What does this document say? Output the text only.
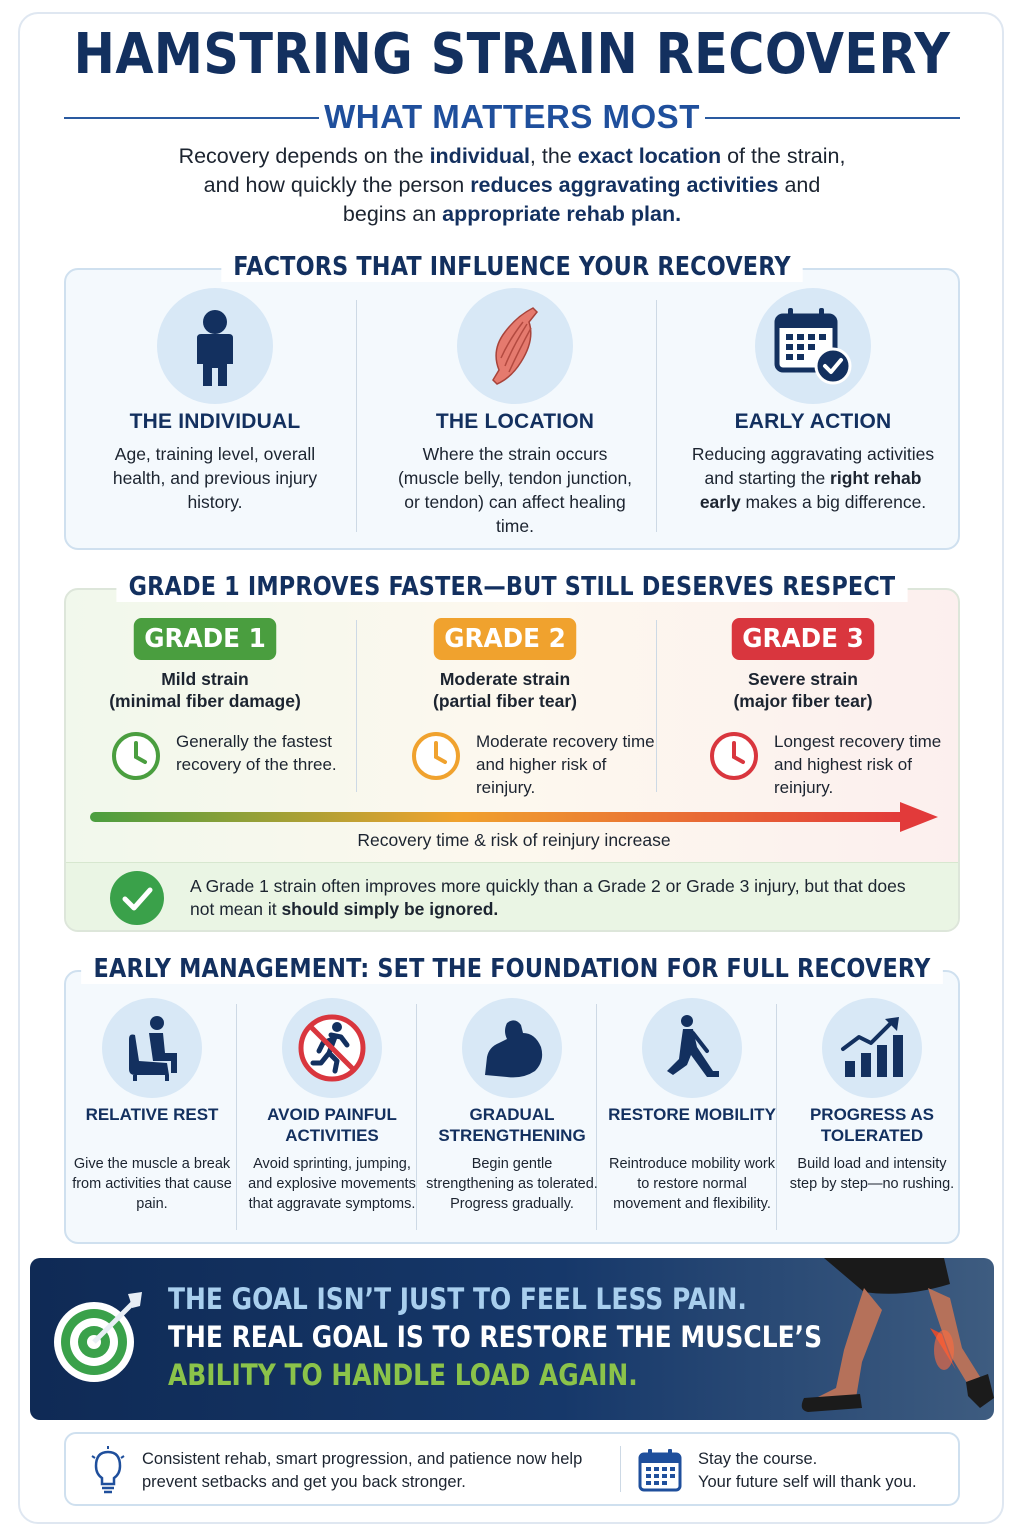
HAMSTRING STRAIN RECOVERY
WHAT MATTERS MOST
Recovery depends on the individual, the exact location of the strain,
and how quickly the person reduces aggravating activities and
begins an appropriate rehab plan.
THE INDIVIDUAL

Age, training level, overall health, and previous injury history.

THE LOCATION

Where the strain occurs (muscle belly, tendon junction, or tendon) can affect healing time.

EARLY ACTION

Reducing aggravating activities and starting the right rehab early makes a big difference.

FACTORS THAT INFLUENCE YOUR RECOVERY
GRADE 1
Mild strain
(minimal fiber damage)
Generally the fastest recovery of the three.
GRADE 2
Moderate strain
(partial fiber tear)
Moderate recovery time and higher risk of reinjury.
GRADE 3
Severe strain
(major fiber tear)
Longest recovery time and highest risk of reinjury.
Recovery time & risk of reinjury increase

A Grade 1 strain often improves more quickly than a Grade 2 or Grade 3 injury, but that does not mean it should simply be ignored.

GRADE 1 IMPROVES FASTER—BUT STILL DESERVES RESPECT
RELATIVE REST

Give the muscle a break from activities that cause pain.

AVOID PAINFUL ACTIVITIES

Avoid sprinting, jumping, and explosive movements that aggravate symptoms.

GRADUAL STRENGTHENING

Begin gentle strengthening as tolerated. Progress gradually.

RESTORE MOBILITY

Reintroduce mobility work to restore normal movement and flexibility.

PROGRESS AS TOLERATED

Build load and intensity step by step—no rushing.

EARLY MANAGEMENT: SET THE FOUNDATION FOR FULL RECOVERY
THE GOAL ISN’T JUST TO FEEL LESS PAIN.
THE REAL GOAL IS TO RESTORE THE MUSCLE’S
ABILITY TO HANDLE LOAD AGAIN.
Consistent rehab, smart progression, and patience now help prevent setbacks and get you back stronger.
Stay the course.
Your future self will thank you.
